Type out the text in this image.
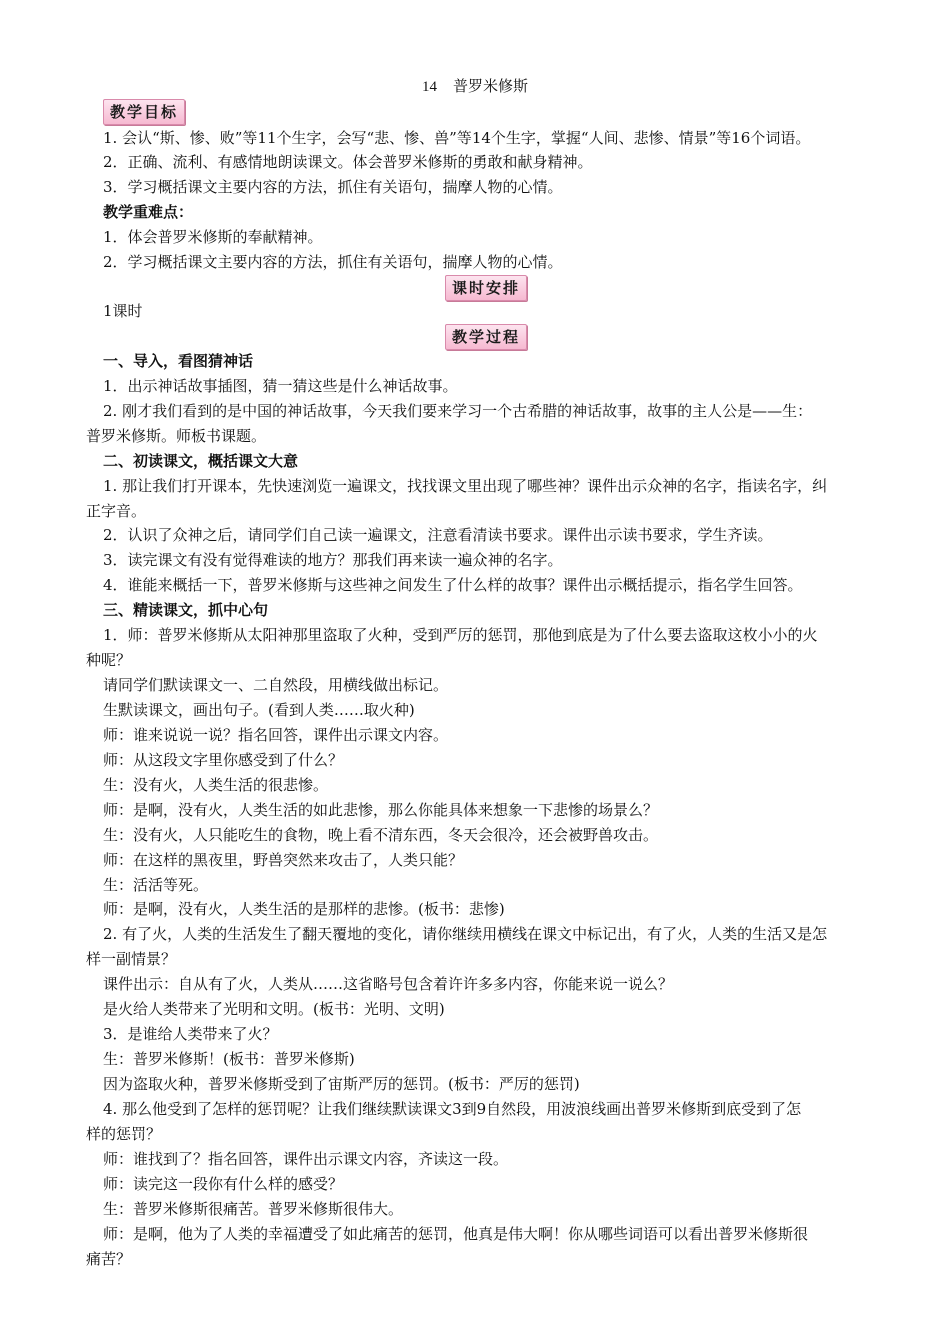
14 普罗米修斯
教学目标
1. 会认“斯、惨、败”等11个生字，会写“悲、惨、兽”等14个生字，掌握“人间、悲惨、情景”等16个词语。
2．正确、流利、有感情地朗读课文。体会普罗米修斯的勇敢和献身精神。
3．学习概括课文主要内容的方法，抓住有关语句，揣摩人物的心情。
教学重难点：
1．体会普罗米修斯的奉献精神。
2．学习概括课文主要内容的方法，抓住有关语句，揣摩人物的心情。
课时安排
1课时
教学过程
一、导入，看图猜神话
1．出示神话故事插图，猜一猜这些是什么神话故事。
2. 刚才我们看到的是中国的神话故事，今天我们要来学习一个古希腊的神话故事，故事的主人公是——生：
普罗米修斯。师板书课题。
二、初读课文，概括课文大意
1. 那让我们打开课本，先快速浏览一遍课文，找找课文里出现了哪些神？课件出示众神的名字，指读名字，纠
正字音。
2．认识了众神之后，请同学们自己读一遍课文，注意看清读书要求。课件出示读书要求，学生齐读。
3．读完课文有没有觉得难读的地方？那我们再来读一遍众神的名字。
4．谁能来概括一下，普罗米修斯与这些神之间发生了什么样的故事？课件出示概括提示，指名学生回答。
三、精读课文，抓中心句
1．师：普罗米修斯从太阳神那里盗取了火种，受到严厉的惩罚，那他到底是为了什么要去盗取这枚小小的火
种呢？
请同学们默读课文一、二自然段，用横线做出标记。
生默读课文，画出句子。(看到人类……取火种)
师：谁来说说一说？指名回答，课件出示课文内容。
师：从这段文字里你感受到了什么？
生：没有火，人类生活的很悲惨。
师：是啊，没有火，人类生活的如此悲惨，那么你能具体来想象一下悲惨的场景么？
生：没有火，人只能吃生的食物，晚上看不清东西，冬天会很冷，还会被野兽攻击。
师：在这样的黑夜里，野兽突然来攻击了，人类只能？
生：活活等死。
师：是啊，没有火，人类生活的是那样的悲惨。(板书：悲惨)
2. 有了火，人类的生活发生了翻天覆地的变化，请你继续用横线在课文中标记出，有了火，人类的生活又是怎
样一副情景？
课件出示：自从有了火，人类从……这省略号包含着许许多多内容，你能来说一说么？
是火给人类带来了光明和文明。(板书：光明、文明)
3．是谁给人类带来了火？
生：普罗米修斯！(板书：普罗米修斯)
因为盗取火种，普罗米修斯受到了宙斯严厉的惩罚。(板书：严厉的惩罚)
4. 那么他受到了怎样的惩罚呢？让我们继续默读课文3到9自然段，用波浪线画出普罗米修斯到底受到了怎
样的惩罚？
师：谁找到了？指名回答，课件出示课文内容，齐读这一段。
师：读完这一段你有什么样的感受？
生：普罗米修斯很痛苦。普罗米修斯很伟大。
师：是啊，他为了人类的幸福遭受了如此痛苦的惩罚，他真是伟大啊！你从哪些词语可以看出普罗米修斯很
痛苦？
